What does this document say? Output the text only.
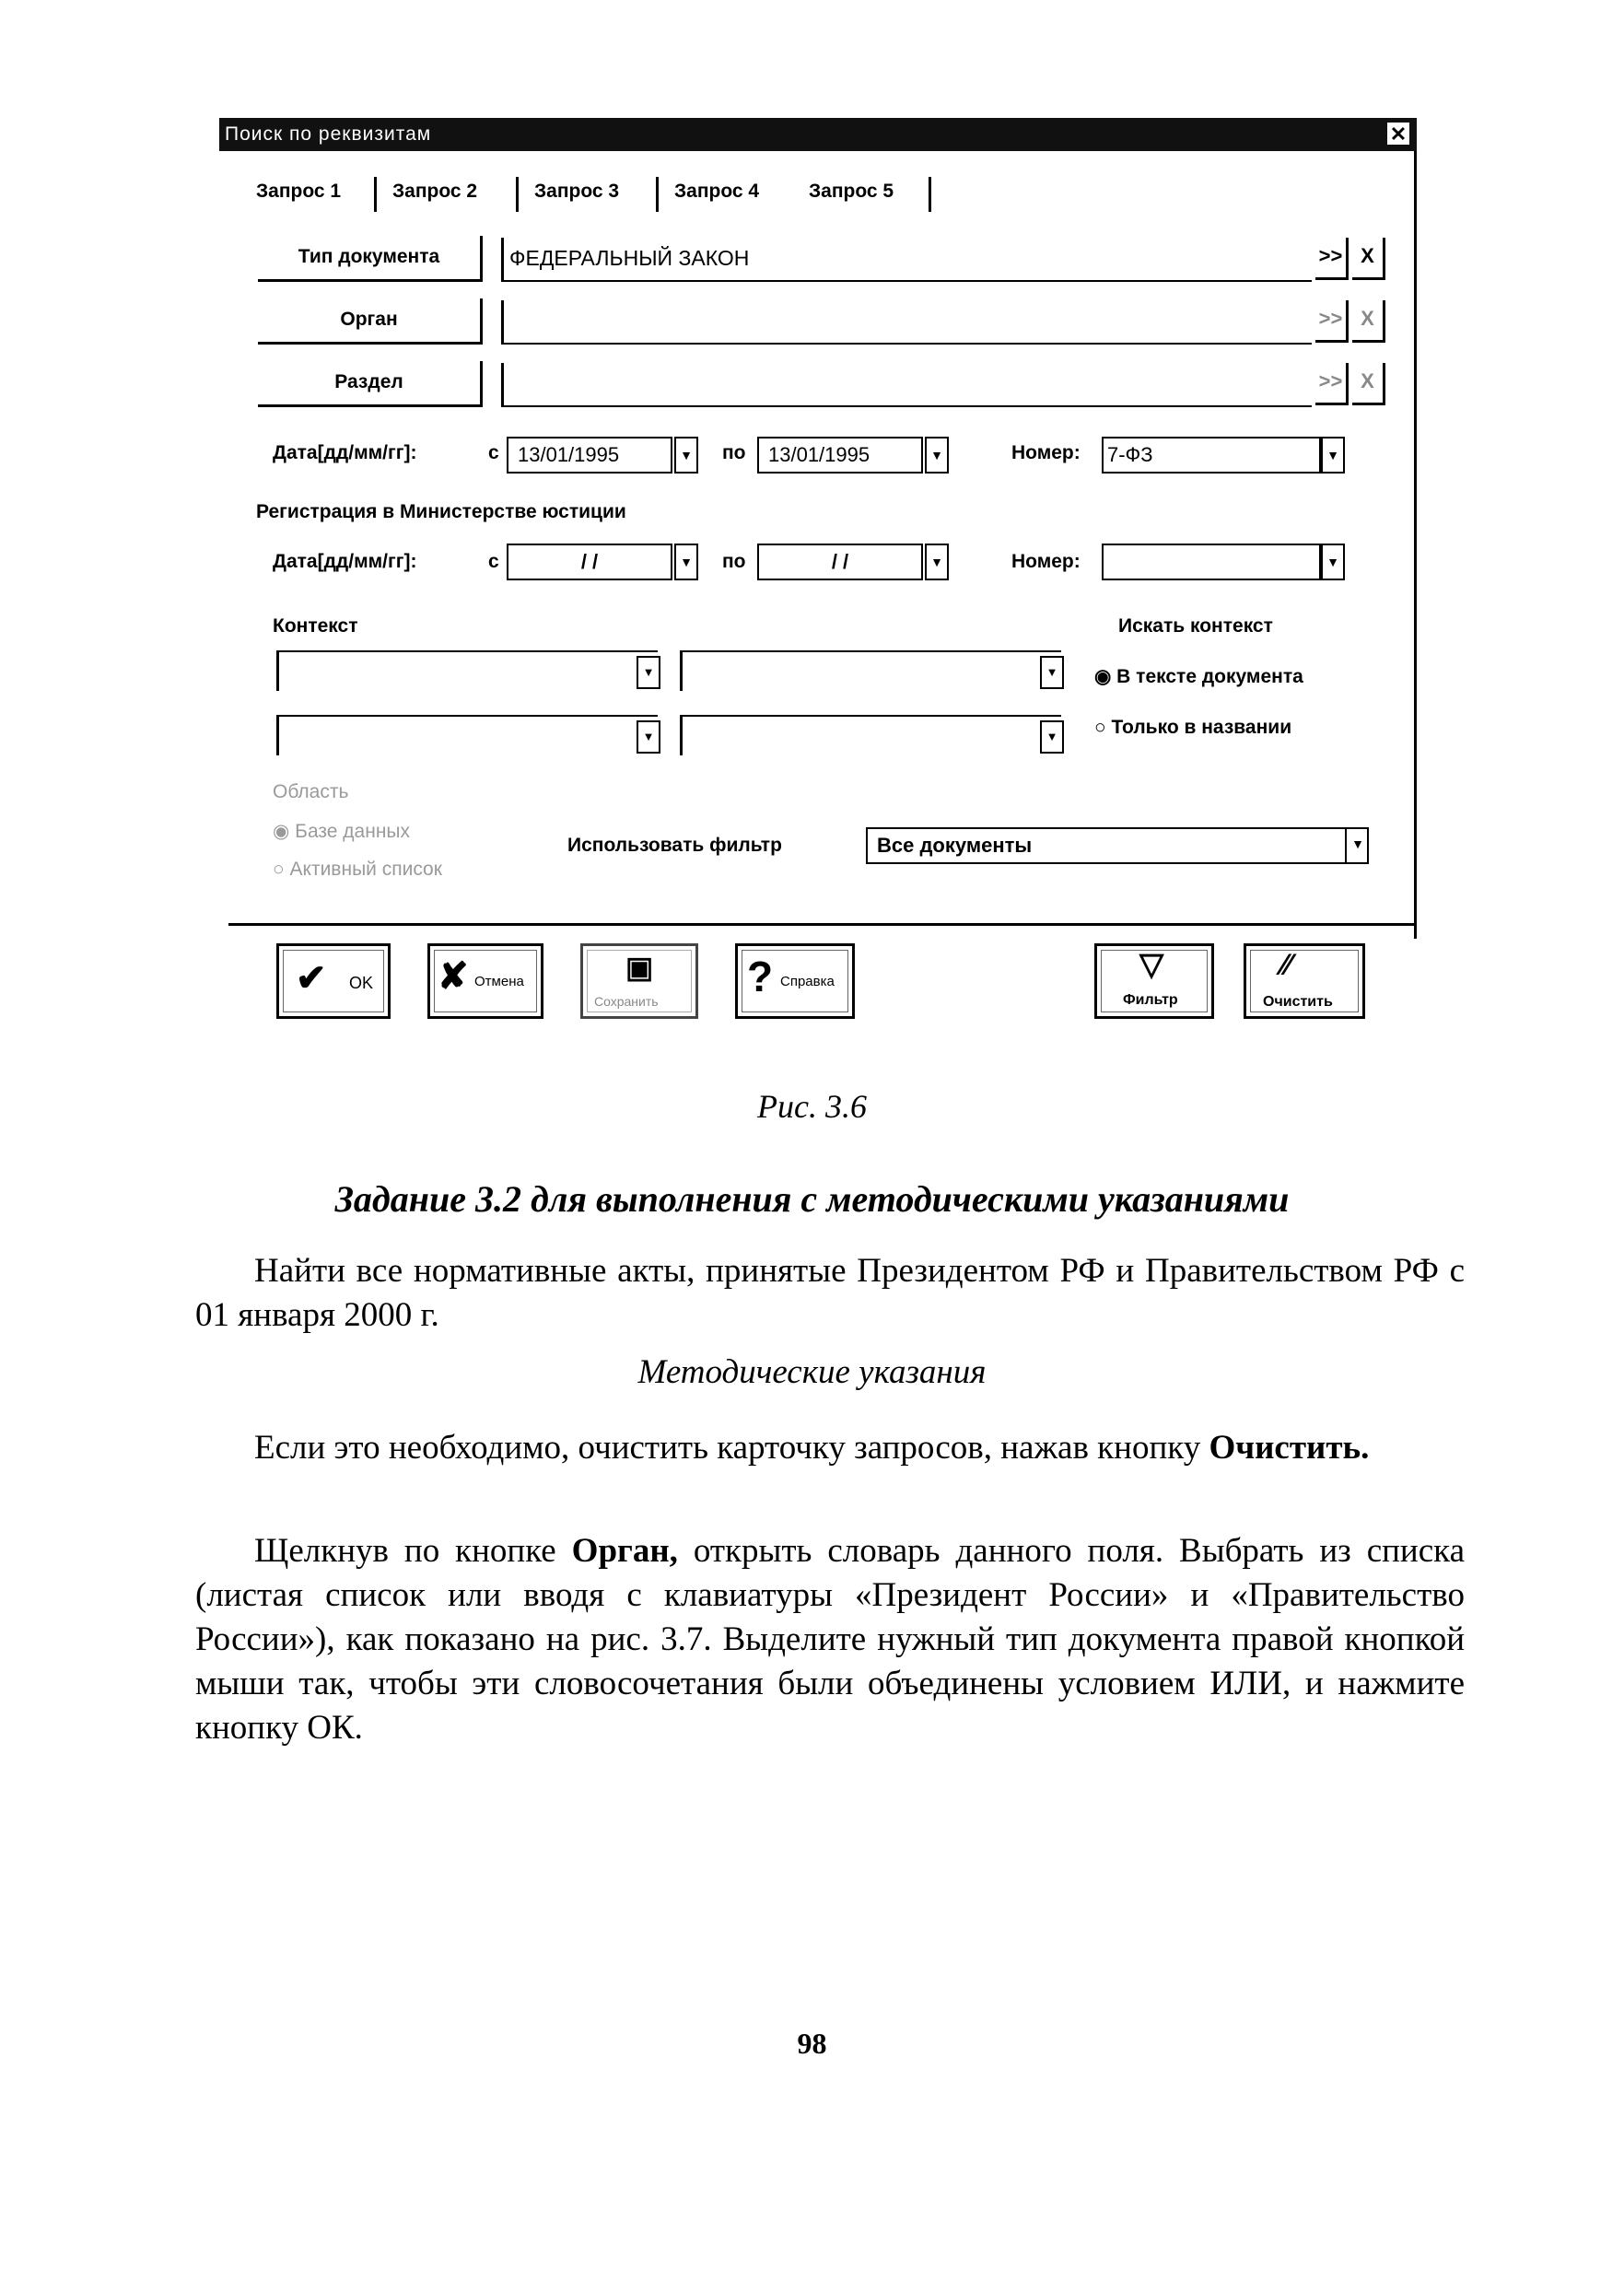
Поиск по реквизитам	✕
Запрос 1	Запрос 2	Запрос 3	Запрос 4	Запрос 5
Тип документа	ФЕДЕРАЛЬНЫЙ ЗАКОН	>> X
Орган	>> X
Раздел	>> X
Дата[дд/мм/гг]:	с 13/01/1995	▼ по	13/01/1995	▼	Номер: 7-ФЗ	▼
Регистрация в Министерстве юстиции
Дата[дд/мм/гг]:	с	/ /	▼ по	/ /	▼	Номер:	▼
Контекст
▼	▼
▼	▼
Искать контекст
◉ В тексте документа
○ Только в названии
Область
◉ Базе данных
○ Активный список
Использовать фильтр	Все документы	▼
✔ OK ✘ Отмена	▣
Сохранить
? Справка	▽
Фильтр
⁄⁄
Очистить
Рис. 3.6
Задание 3.2 для выполнения с методическими указаниями
Найти все нормативные акты, принятые Президентом РФ и Правительством РФ с 01 января 2000 г.
Методические указания
Если это необходимо, очистить карточку запросов, нажав кнопку Очистить.
Щелкнув по кнопке Орган, открыть словарь данного поля. Выбрать из списка (листая список или вводя с клавиатуры «Президент России» и «Правительство России»), как показано на рис. 3.7. Выделите нужный тип документа правой кнопкой мыши так, чтобы эти словосочетания были объединены условием ИЛИ, и нажмите кнопку ОК.
98
